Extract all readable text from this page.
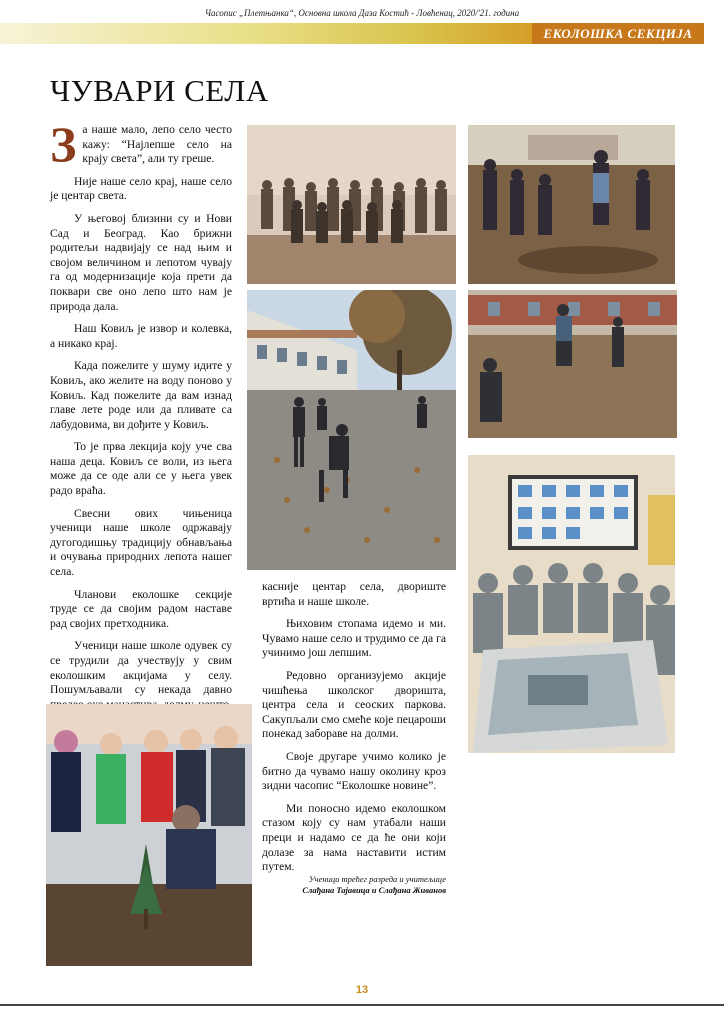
Часопис „Плетњанка“, Основна школа Даза Костић - Ловћенац, 2020/ʹ21. година
ЕКОЛОШКА СЕКЦИЈА
ЧУВАРИ СЕЛА

За наше мало, лепо село често кажу: “Најлепше село на крају света”, али ту грeше.

Није наше село крај, наше село је центар света.

У његовој близини су и Нови Сад и Београд. Као брижни родитељи надвијају се над њим и својом величином и лепотом чувају га од модернизације која прети да поквари све оно лепо што нам је природа дала.

Наш Ковиљ је извор и колевка, а никако крај.

Када пожелите у шуму идите у Ковиљ, ако желите на воду поново у Ковиљ. Кад пожелите да вам изнад главе лете роде или да пливате са лабудовима, ви дођите у Ковиљ.

То је прва лекција коју уче сва наша деца. Ковиљ се воли, из њега може да се оде али се у њега увек радо враћа.

Свесни ових чињеница ученици наше школе одржавају дугогодишњу традицију обнављања и очувања природних лепота нашег села.

Чланови еколошке секције труде се да својим радом наставе рад својих претходника.

Ученици наше школе одувек су се трудили да учествују у свим еколошким акцијама у селу. Пошумљавали су некада давно

касније центар села, двориште вртића и наше школе.

Њиховим стопама идемо и ми. Чувамо наше село и трудимо се да га учинимо још лепшим.

Редовно организујемо акције чишћења школског дворишта, центра села и сеоских паркова. Сакупљали смо смеће које пецароши понекад забораве на долми.

Своје другаре учимо колико је битно да чувамо нашу околину кроз зидни часопис “Еколошке новине”.

Ми поносно идемо еколошком стазом коју су нам утабали наши преци и надамо се да ће они који долазе за нама наставити истим путем.

Ученици трећег разреда и учитељице
Слађана Тајавица и Слађана Живанов
13
